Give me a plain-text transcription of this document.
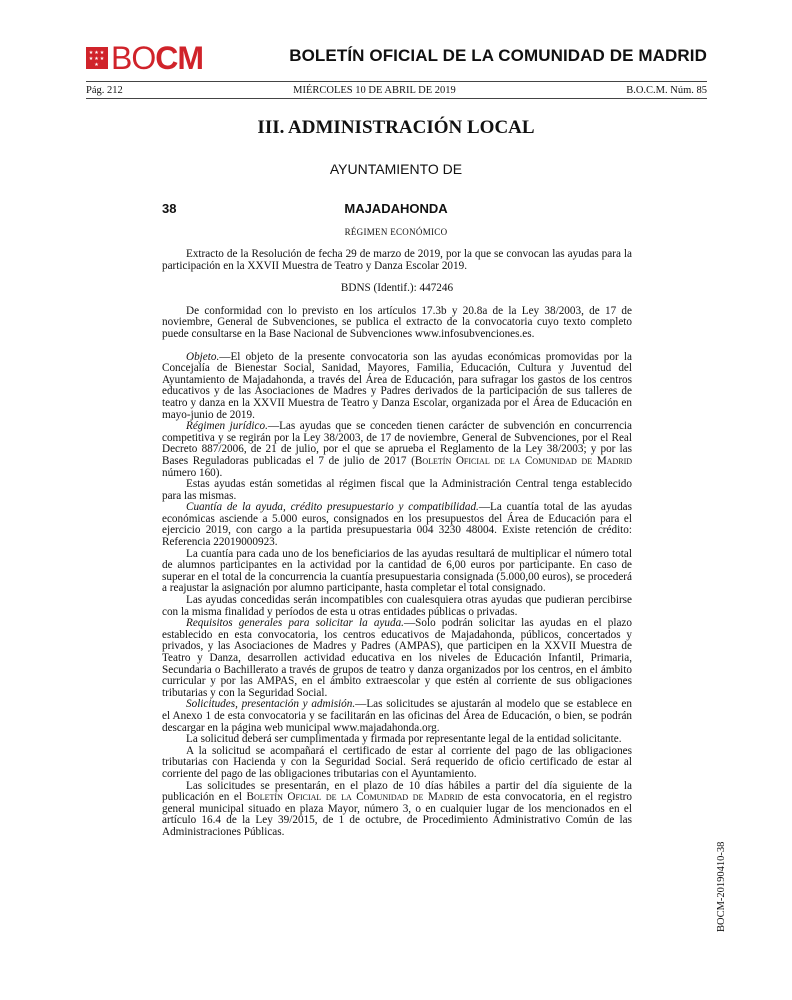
★★★
★★★
★ BOCM	BOLETÍN OFICIAL DE LA COMUNIDAD DE MADRID
Pág. 212	MIÉRCOLES 10 DE ABRIL DE 2019	B.O.C.M. Núm. 85
III. ADMINISTRACIÓN LOCAL
AYUNTAMIENTO DE
38	MAJADAHONDA
RÉGIMEN ECONÓMICO

Extracto de la Resolución de fecha 29 de marzo de 2019, por la que se convocan las ayudas para la participación en la XXVII Muestra de Teatro y Danza Escolar 2019.

BDNS (Identif.): 447246

De conformidad con lo previsto en los artículos 17.3b y 20.8a de la Ley 38/2003, de 17 de noviembre, General de Subvenciones, se publica el extracto de la convocatoria cuyo texto completo puede consultarse en la Base Nacional de Subvenciones www.infosubvenciones.es.

Objeto.—El objeto de la presente convocatoria son las ayudas económicas promovidas por la Concejalía de Bienestar Social, Sanidad, Mayores, Familia, Educación, Cultura y Juventud del Ayuntamiento de Majadahonda, a través del Área de Educación, para sufragar los gastos de los centros educativos y de las Asociaciones de Madres y Padres derivados de la participación de sus talleres de teatro y danza en la XXVII Muestra de Teatro y Danza Escolar, organizada por el Área de Educación en mayo-junio de 2019.

Régimen jurídico.—Las ayudas que se conceden tienen carácter de subvención en concurrencia competitiva y se regirán por la Ley 38/2003, de 17 de noviembre, General de Subvenciones, por el Real Decreto 887/2006, de 21 de julio, por el que se aprueba el Reglamento de la Ley 38/2003; y por las Bases Reguladoras publicadas el 7 de julio de 2017 (Boletín Oficial de la Comunidad de Madrid número 160).

Estas ayudas están sometidas al régimen fiscal que la Administración Central tenga establecido para las mismas.

Cuantía de la ayuda, crédito presupuestario y compatibilidad.—La cuantía total de las ayudas económicas asciende a 5.000 euros, consignados en los presupuestos del Área de Educación para el ejercicio 2019, con cargo a la partida presupuestaria 004 3230 48004. Existe retención de crédito: Referencia 22019000923.

La cuantía para cada uno de los beneficiarios de las ayudas resultará de multiplicar el número total de alumnos participantes en la actividad por la cantidad de 6,00 euros por participante. En caso de superar en el total de la concurrencia la cuantía presupuestaria consignada (5.000,00 euros), se procederá a reajustar la asignación por alumno participante, hasta completar el total consignado.

Las ayudas concedidas serán incompatibles con cualesquiera otras ayudas que pudieran percibirse con la misma finalidad y períodos de esta u otras entidades públicas o privadas.

Requisitos generales para solicitar la ayuda.—Solo podrán solicitar las ayudas en el plazo establecido en esta convocatoria, los centros educativos de Majadahonda, públicos, concertados y privados, y las Asociaciones de Madres y Padres (AMPAS), que participen en la XXVII Muestra de Teatro y Danza, desarrollen actividad educativa en los niveles de Educación Infantil, Primaria, Secundaria o Bachillerato a través de grupos de teatro y danza organizados por los centros, en el ámbito curricular y por las AMPAS, en el ámbito extraescolar y que estén al corriente de sus obligaciones tributarias y con la Seguridad Social.

Solicitudes, presentación y admisión.—Las solicitudes se ajustarán al modelo que se establece en el Anexo 1 de esta convocatoria y se facilitarán en las oficinas del Área de Educación, o bien, se podrán descargar en la página web municipal www.majadahonda.org.

La solicitud deberá ser cumplimentada y firmada por representante legal de la entidad solicitante.

A la solicitud se acompañará el certificado de estar al corriente del pago de las obligaciones tributarias con Hacienda y con la Seguridad Social. Será requerido de oficio certificado de estar al corriente del pago de las obligaciones tributarias con el Ayuntamiento.

Las solicitudes se presentarán, en el plazo de 10 días hábiles a partir del día siguiente de la publicación en el Boletín Oficial de la Comunidad de Madrid de esta convocatoria, en el registro general municipal situado en plaza Mayor, número 3, o en cualquier lugar de los mencionados en el artículo 16.4 de la Ley 39/2015, de 1 de octubre, de Procedimiento Administrativo Común de las Administraciones Públicas.

BOCM-20190410-38
